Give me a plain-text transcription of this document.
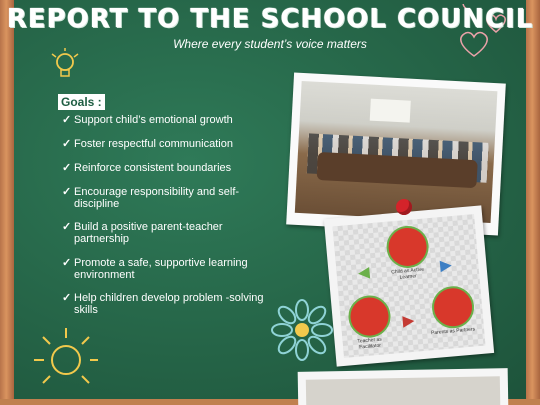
REPORT TO THE SCHOOL COUNCIL
Where every student’s voice matters
Goals :
✓ Support child’s emotional growth
✓ Foster respectful communication
✓ Reinforce consistent boundaries
✓ Encourage responsibility and self-discipline
✓ Build a positive parent-teacher partnership
✓ Promote a safe, supportive learning environment
✓ Help children develop problem -solving skills
Child as Active Learner
Teacher as Facilitator
Parents as Partners
◀	▶
▶
